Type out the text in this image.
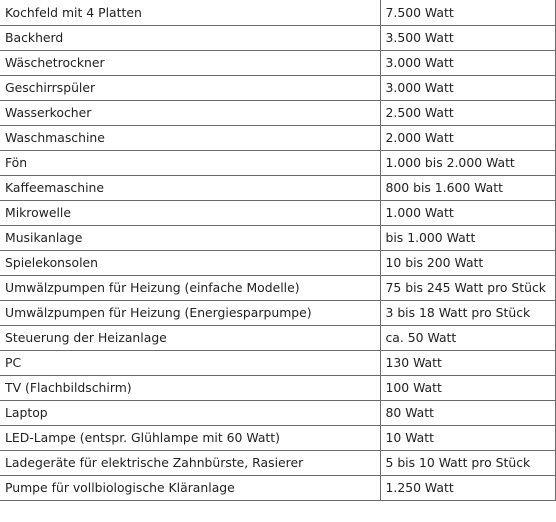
Kochfeld mit 4 Platten	7.500 Watt
Backherd	3.500 Watt
Wäschetrockner	3.000 Watt
Geschirrspüler	3.000 Watt
Wasserkocher	2.500 Watt
Waschmaschine	2.000 Watt
Fön	1.000 bis 2.000 Watt
Kaffeemaschine	800 bis 1.600 Watt
Mikrowelle	1.000 Watt
Musikanlage	bis 1.000 Watt
Spielekonsolen	10 bis 200 Watt
Umwälzpumpen für Heizung (einfache Modelle)	75 bis 245 Watt pro Stück
Umwälzpumpen für Heizung (Energiesparpumpe)	3 bis 18 Watt pro Stück
Steuerung der Heizanlage	ca. 50 Watt
PC	130 Watt
TV (Flachbildschirm)	100 Watt
Laptop	80 Watt
LED-Lampe (entspr. Glühlampe mit 60 Watt)	10 Watt
Ladegeräte für elektrische Zahnbürste, Rasierer	5 bis 10 Watt pro Stück
Pumpe für vollbiologische Kläranlage	1.250 Watt
